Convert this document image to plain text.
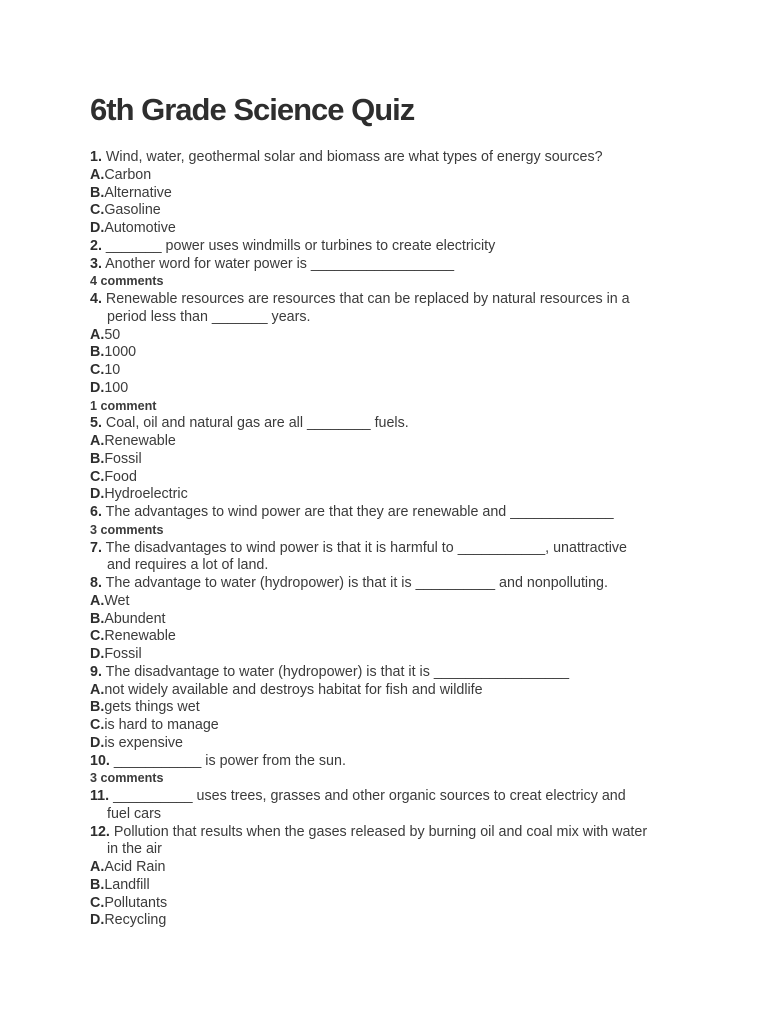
6th Grade Science Quiz
1. Wind, water, geothermal solar and biomass are what types of energy sources?
A.Carbon
B.Alternative
C.Gasoline
D.Automotive
2. _______ power uses windmills or turbines to create electricity
3. Another word for water power is __________________
4 comments
4. Renewable resources are resources that can be replaced by natural resources in a
period less than _______ years.
A.50
B.1000
C.10
D.100
1 comment
5. Coal, oil and natural gas are all ________ fuels.
A.Renewable
B.Fossil
C.Food
D.Hydroelectric
6. The advantages to wind power are that they are renewable and _____________
3 comments
7. The disadvantages to wind power is that it is harmful to ___________, unattractive
and requires a lot of land.
8. The advantage to water (hydropower) is that it is __________ and nonpolluting.
A.Wet
B.Abundent
C.Renewable
D.Fossil
9. The disadvantage to water (hydropower) is that it is _________________
A.not widely available and destroys habitat for fish and wildlife
B.gets things wet
C.is hard to manage
D.is expensive
10. ___________ is power from the sun.
3 comments
11. __________ uses trees, grasses and other organic sources to creat electricy and
fuel cars
12. Pollution that results when the gases released by burning oil and coal mix with water
in the air
A.Acid Rain
B.Landfill
C.Pollutants
D.Recycling
